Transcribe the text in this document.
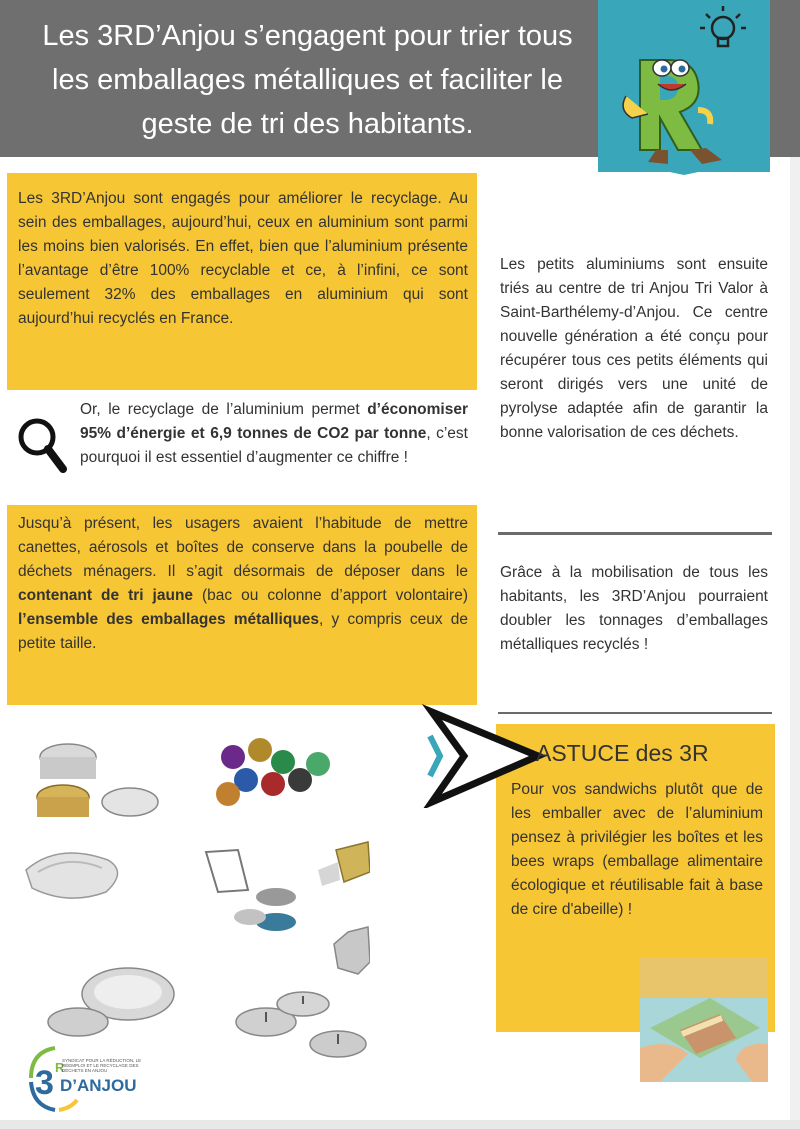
Les 3RD’Anjou s’engagent pour trier tous les emballages métalliques et faciliter le geste de tri des habitants.
Les 3RD’Anjou sont engagés pour améliorer le recyclage. Au sein des emballages, aujourd’hui, ceux en aluminium sont parmi les moins bien valorisés. En effet, bien que l’aluminium présente l’avantage d’être 100% recyclable et ce, à l’infini, ce sont seulement 32% des emballages en aluminium qui sont aujourd’hui recyclés en France.
Or, le recyclage de l’aluminium permet d’économiser 95% d’énergie et 6,9 tonnes de CO2 par tonne, c’est pourquoi il est essentiel d’augmenter ce chiffre !
Jusqu’à présent, les usagers avaient l’habitude de mettre canettes, aérosols et boîtes de conserve dans la poubelle de déchets ménagers. Il s’agit désormais de déposer dans le contenant de tri jaune (bac ou colonne d’apport volontaire) l’ensemble des emballages métalliques, y compris ceux de petite taille.
Les petits aluminiums sont ensuite triés au centre de tri Anjou Tri Valor à Saint-Barthélemy-d’Anjou. Ce centre nouvelle génération a été conçu pour récupérer tous ces petits éléments qui seront dirigés vers une unité de pyrolyse adaptée afin de garantir la bonne valorisation de ces déchets.
Grâce à la mobilisation de tous les habitants, les 3RD’Anjou pourraient doubler les tonnages d’emballages métalliques recyclés !
ASTUCE des 3R
Pour vos sandwichs plutôt que de les emballer avec de l’aluminium pensez à privilégier les boîtes et les bees wraps (emballage alimentaire écologique et réutilisable fait à base de cire d'abeille) !
3 R
SYNDICAT POUR LA RÉDUCTION, LE RÉEMPLOI ET LE RECYCLAGE DES DÉCHETS EN ANJOU
D’ANJOU
